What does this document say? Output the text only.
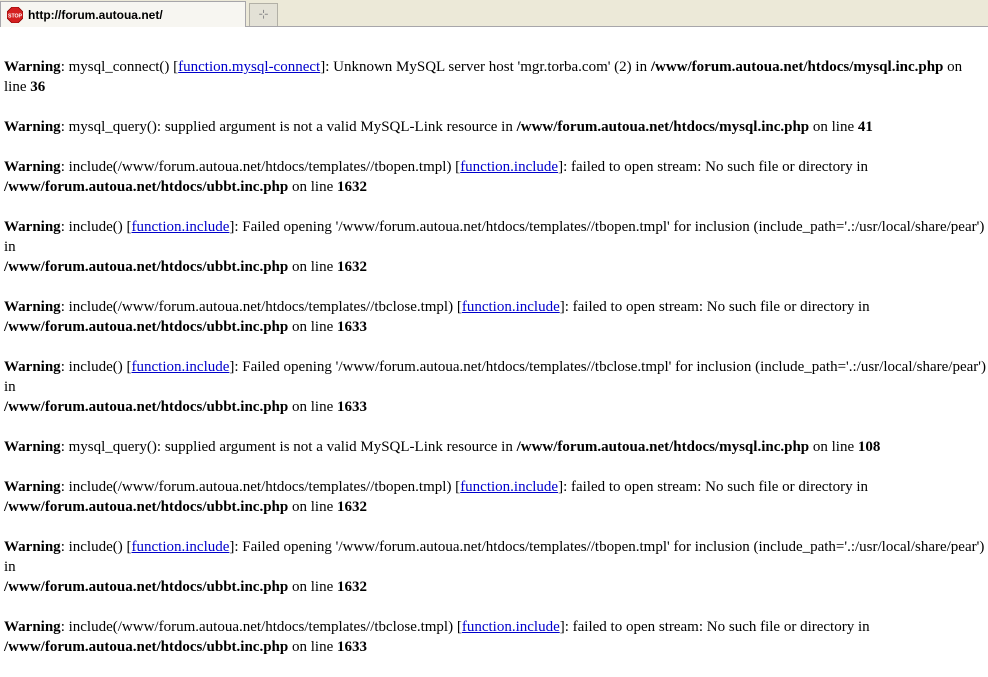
STOP http://forum.autoua.net/	⊹
Warning: mysql_connect() [function.mysql-connect]: Unknown MySQL server host 'mgr.torba.com' (2) in /www/forum.autoua.net/htdocs/mysql.inc.php on line 36
Warning: mysql_query(): supplied argument is not a valid MySQL-Link resource in /www/forum.autoua.net/htdocs/mysql.inc.php on line 41
Warning: include(/www/forum.autoua.net/htdocs/templates//tbopen.tmpl) [function.include]: failed to open stream: No such file or directory in
/www/forum.autoua.net/htdocs/ubbt.inc.php on line 1632
Warning: include() [function.include]: Failed opening '/www/forum.autoua.net/htdocs/templates//tbopen.tmpl' for inclusion (include_path='.:/usr/local/share/pear') in
/www/forum.autoua.net/htdocs/ubbt.inc.php on line 1632
Warning: include(/www/forum.autoua.net/htdocs/templates//tbclose.tmpl) [function.include]: failed to open stream: No such file or directory in
/www/forum.autoua.net/htdocs/ubbt.inc.php on line 1633
Warning: include() [function.include]: Failed opening '/www/forum.autoua.net/htdocs/templates//tbclose.tmpl' for inclusion (include_path='.:/usr/local/share/pear') in
/www/forum.autoua.net/htdocs/ubbt.inc.php on line 1633
Warning: mysql_query(): supplied argument is not a valid MySQL-Link resource in /www/forum.autoua.net/htdocs/mysql.inc.php on line 108
Warning: include(/www/forum.autoua.net/htdocs/templates//tbopen.tmpl) [function.include]: failed to open stream: No such file or directory in
/www/forum.autoua.net/htdocs/ubbt.inc.php on line 1632
Warning: include() [function.include]: Failed opening '/www/forum.autoua.net/htdocs/templates//tbopen.tmpl' for inclusion (include_path='.:/usr/local/share/pear') in
/www/forum.autoua.net/htdocs/ubbt.inc.php on line 1632
Warning: include(/www/forum.autoua.net/htdocs/templates//tbclose.tmpl) [function.include]: failed to open stream: No such file or directory in
/www/forum.autoua.net/htdocs/ubbt.inc.php on line 1633
